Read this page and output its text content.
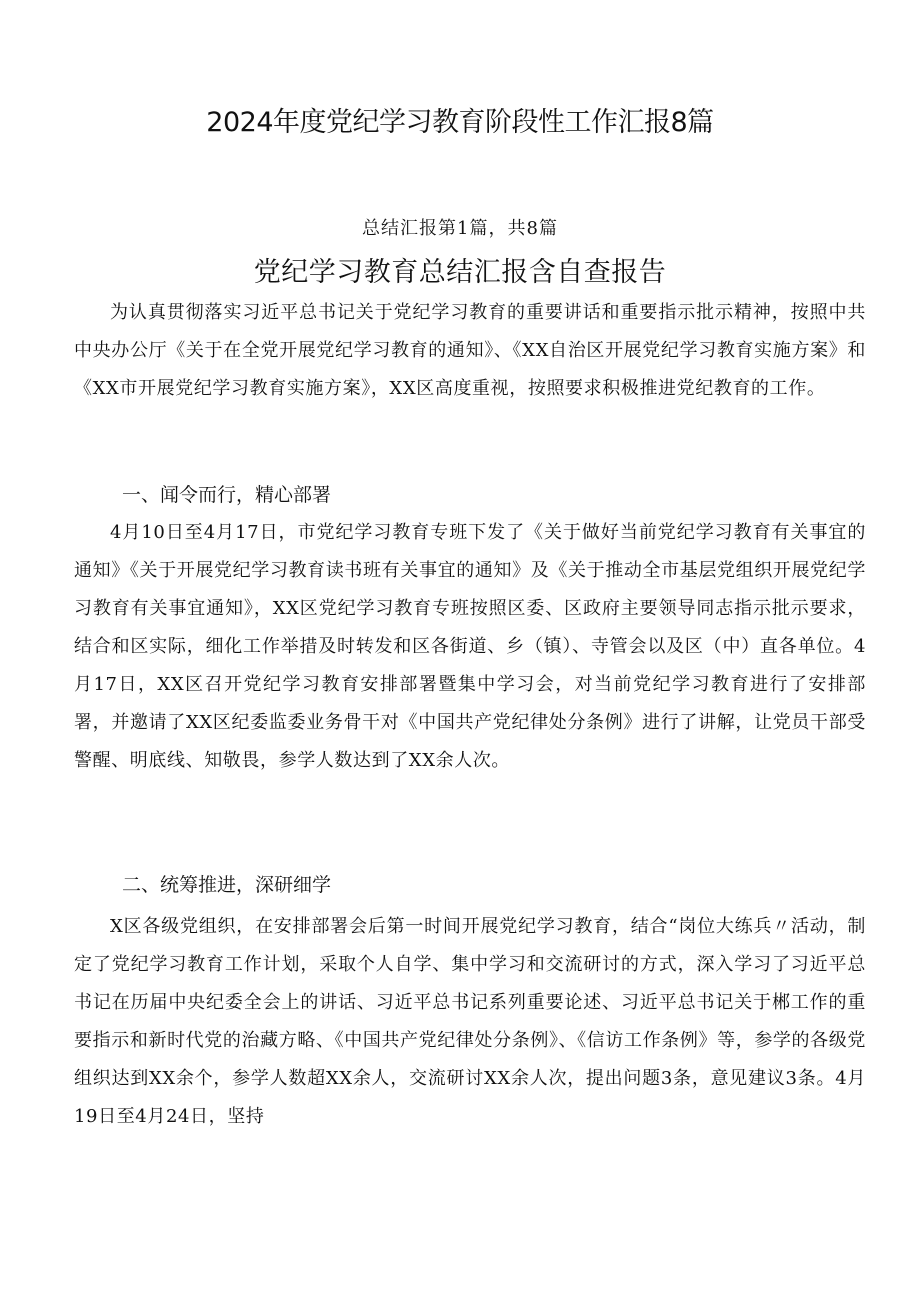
2024年度党纪学习教育阶段性工作汇报8篇
总结汇报第1篇，共8篇
党纪学习教育总结汇报含自查报告

为认真贯彻落实习近平总书记关于党纪学习教育的重要讲话和重要指示批示精神，按照中共中央办公厅《关于在全党开展党纪学习教育的通知》、《XX自治区开展党纪学习教育实施方案》和《XX市开展党纪学习教育实施方案》，XX区高度重视，按照要求积极推进党纪教育的工作。

一、闻令而行，精心部署

4月10日至4月17日，市党纪学习教育专班下发了《关于做好当前党纪学习教育有关事宜的通知》《关于开展党纪学习教育读书班有关事宜的通知》及《关于推动全市基层党组织开展党纪学习教育有关事宜通知》，XX区党纪学习教育专班按照区委、区政府主要领导同志指示批示要求，结合和区实际，细化工作举措及时转发和区各街道、乡（镇）、寺管会以及区（中）直各单位。4月17日，XX区召开党纪学习教育安排部署暨集中学习会，对当前党纪学习教育进行了安排部署，并邀请了XX区纪委监委业务骨干对《中国共产党纪律处分条例》进行了讲解，让党员干部受警醒、明底线、知敬畏，参学人数达到了XX余人次。

二、统筹推进，深研细学

X区各级党组织，在安排部署会后第一时间开展党纪学习教育，结合“岗位大练兵〃活动，制定了党纪学习教育工作计划，采取个人自学、集中学习和交流研讨的方式，深入学习了习近平总书记在历届中央纪委全会上的讲话、习近平总书记系列重要论述、习近平总书记关于郴工作的重要指示和新时代党的治藏方略、《中国共产党纪律处分条例》、《信访工作条例》等，参学的各级党组织达到XX余个，参学人数超XX余人，交流研讨XX余人次，提出问题3条，意见建议3条。4月19日至4月24日，坚持
